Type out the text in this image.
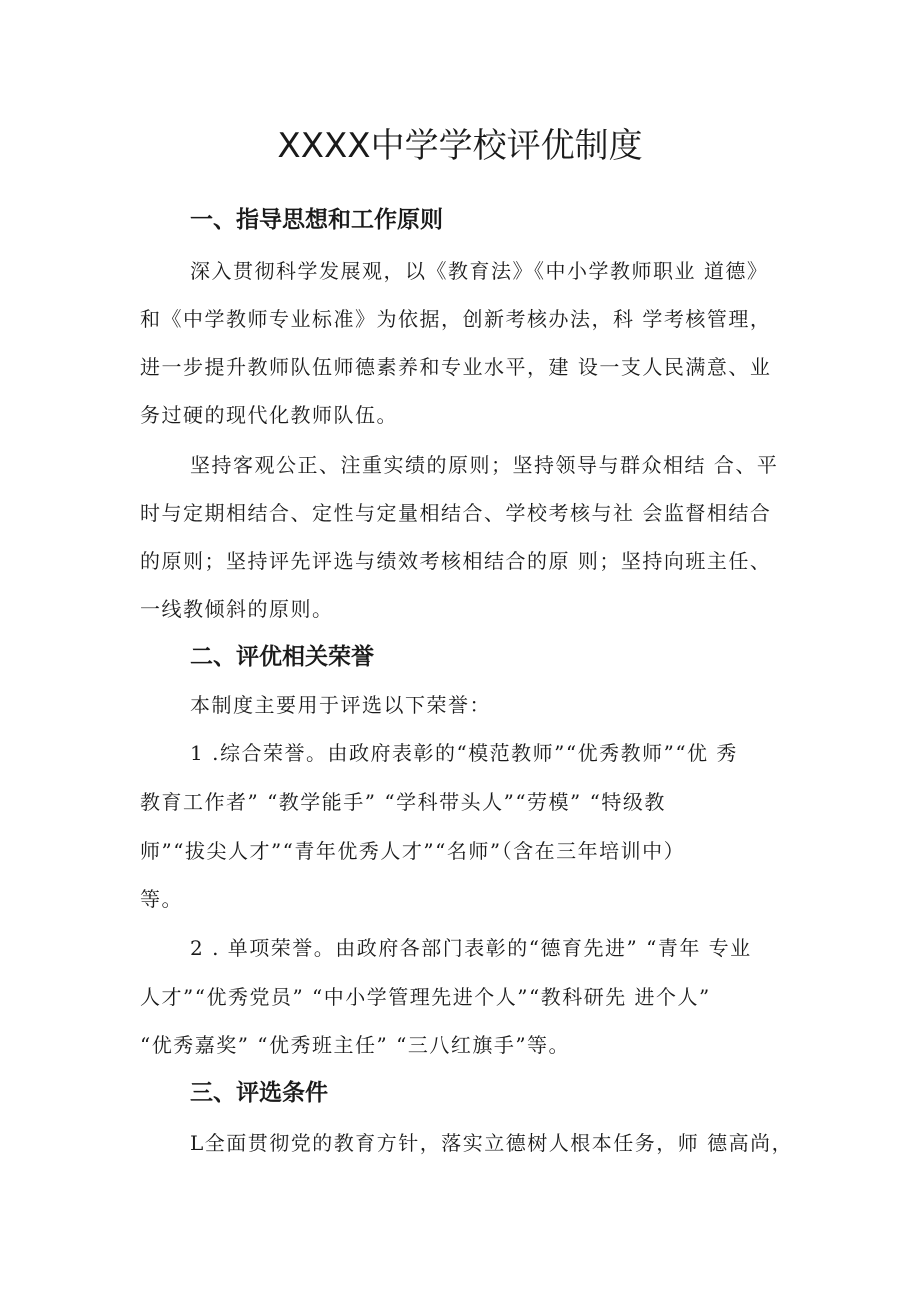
XXXX中学学校评优制度
一、指导思想和工作原则

深入贯彻科学发展观，以《教育法》《中小学教师职业 道德》

和《中学教师专业标准》为依据，创新考核办法，科 学考核管理，

进一步提升教师队伍师德素养和专业水平，建 设一支人民满意、业

务过硬的现代化教师队伍。

坚持客观公正、注重实绩的原则；坚持领导与群众相结 合、平

时与定期相结合、定性与定量相结合、学校考核与社 会监督相结合

的原则；坚持评先评选与绩效考核相结合的原 则；坚持向班主任、

一线教倾斜的原则。

二、评优相关荣誉

本制度主要用于评选以下荣誉：

1 .综合荣誉。由政府表彰的“模范教师”“优秀教师”“优 秀

教育工作者” “教学能手” “学科带头人”“劳模” “特级教

师”“拔尖人才”“青年优秀人才”“名师”（含在三年培训中）

等。

2 . 单项荣誉。由政府各部门表彰的“德育先进” “青年 专业

人才”“优秀党员” “中小学管理先进个人”“教科研先 进个人”

“优秀嘉奖” “优秀班主任” “三八红旗手”等。

三、评选条件

L全面贯彻党的教育方针，落实立德树人根本任务，师 德高尚，
